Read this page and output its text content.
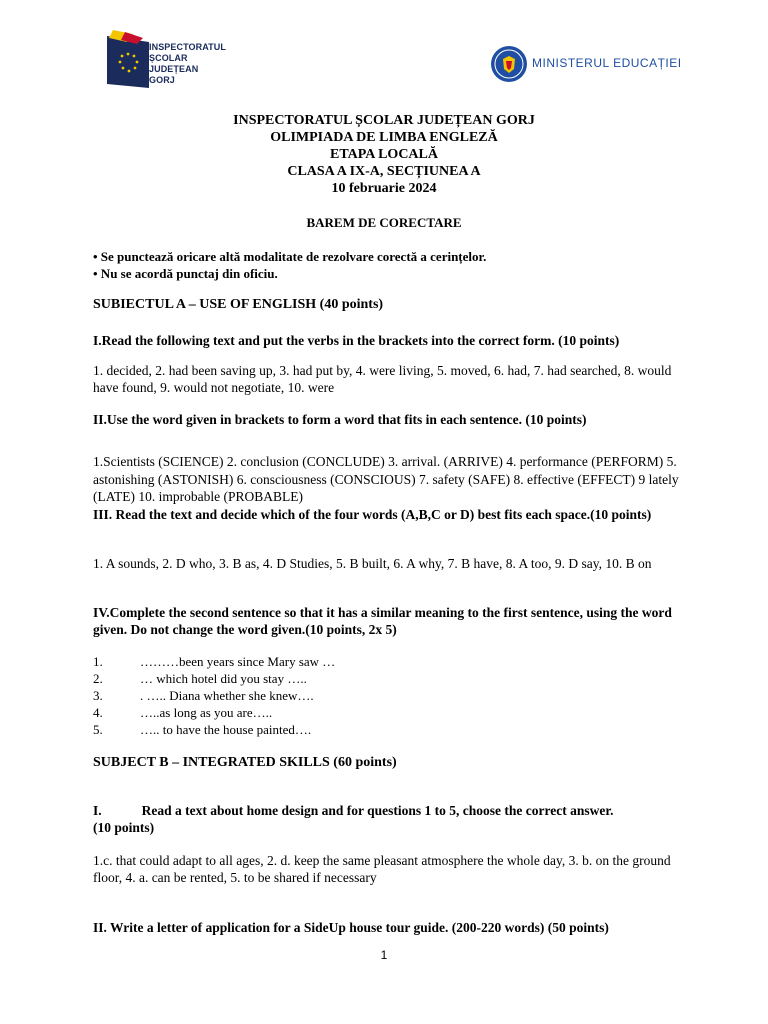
INSPECTORATUL
ȘCOLAR
JUDEȚEAN
GORJ
MINISTERUL EDUCAȚIEI
INSPECTORATUL ȘCOLAR JUDEȚEAN GORJ
OLIMPIADA DE LIMBA ENGLEZĂ
ETAPA LOCALĂ
CLASA A IX-A, SECȚIUNEA A
10 februarie 2024
BAREM DE CORECTARE
• Se punctează oricare altă modalitate de rezolvare corectă a cerințelor.
• Nu se acordă punctaj din oficiu.
SUBIECTUL A – USE OF ENGLISH (40 points)
I.Read the following text and put the verbs in the brackets into the correct form. (10 points)
1. decided, 2. had been saving up, 3. had put by, 4. were living, 5. moved, 6. had, 7. had searched, 8. would have found, 9. would not negotiate, 10. were
II.Use the word given in brackets to form a word that fits in each sentence. (10 points)
1.Scientists (SCIENCE) 2. conclusion (CONCLUDE) 3. arrival. (ARRIVE) 4. performance (PERFORM) 5. astonishing (ASTONISH) 6. consciousness (CONSCIOUS) 7. safety (SAFE) 8. effective (EFFECT) 9 lately (LATE) 10. improbable (PROBABLE)
III. Read the text and decide which of the four words (A,B,C or D) best fits each space.(10 points)
1. A sounds, 2. D who, 3. B as, 4. D Studies, 5. B built, 6. A why, 7. B have, 8. A too, 9. D say, 10. B on
IV.Complete the second sentence so that it has a similar meaning to the first sentence, using the word given. Do not change the word given.(10 points, 2x 5)
1.	………been years since Mary saw …
2.	… which hotel did you stay …..
3.	. ….. Diana whether she knew….
4.	…..as long as you are…..
5.	….. to have the house painted….
SUBJECT B – INTEGRATED SKILLS (60 points)
I.	Read a text about home design and for questions 1 to 5, choose the correct answer.
(10 points)
1.c. that could adapt to all ages, 2. d. keep the same pleasant atmosphere the whole day, 3. b. on the ground floor, 4. a. can be rented, 5. to be shared if necessary
II. Write a letter of application for a SideUp house tour guide. (200-220 words) (50 points)
1
